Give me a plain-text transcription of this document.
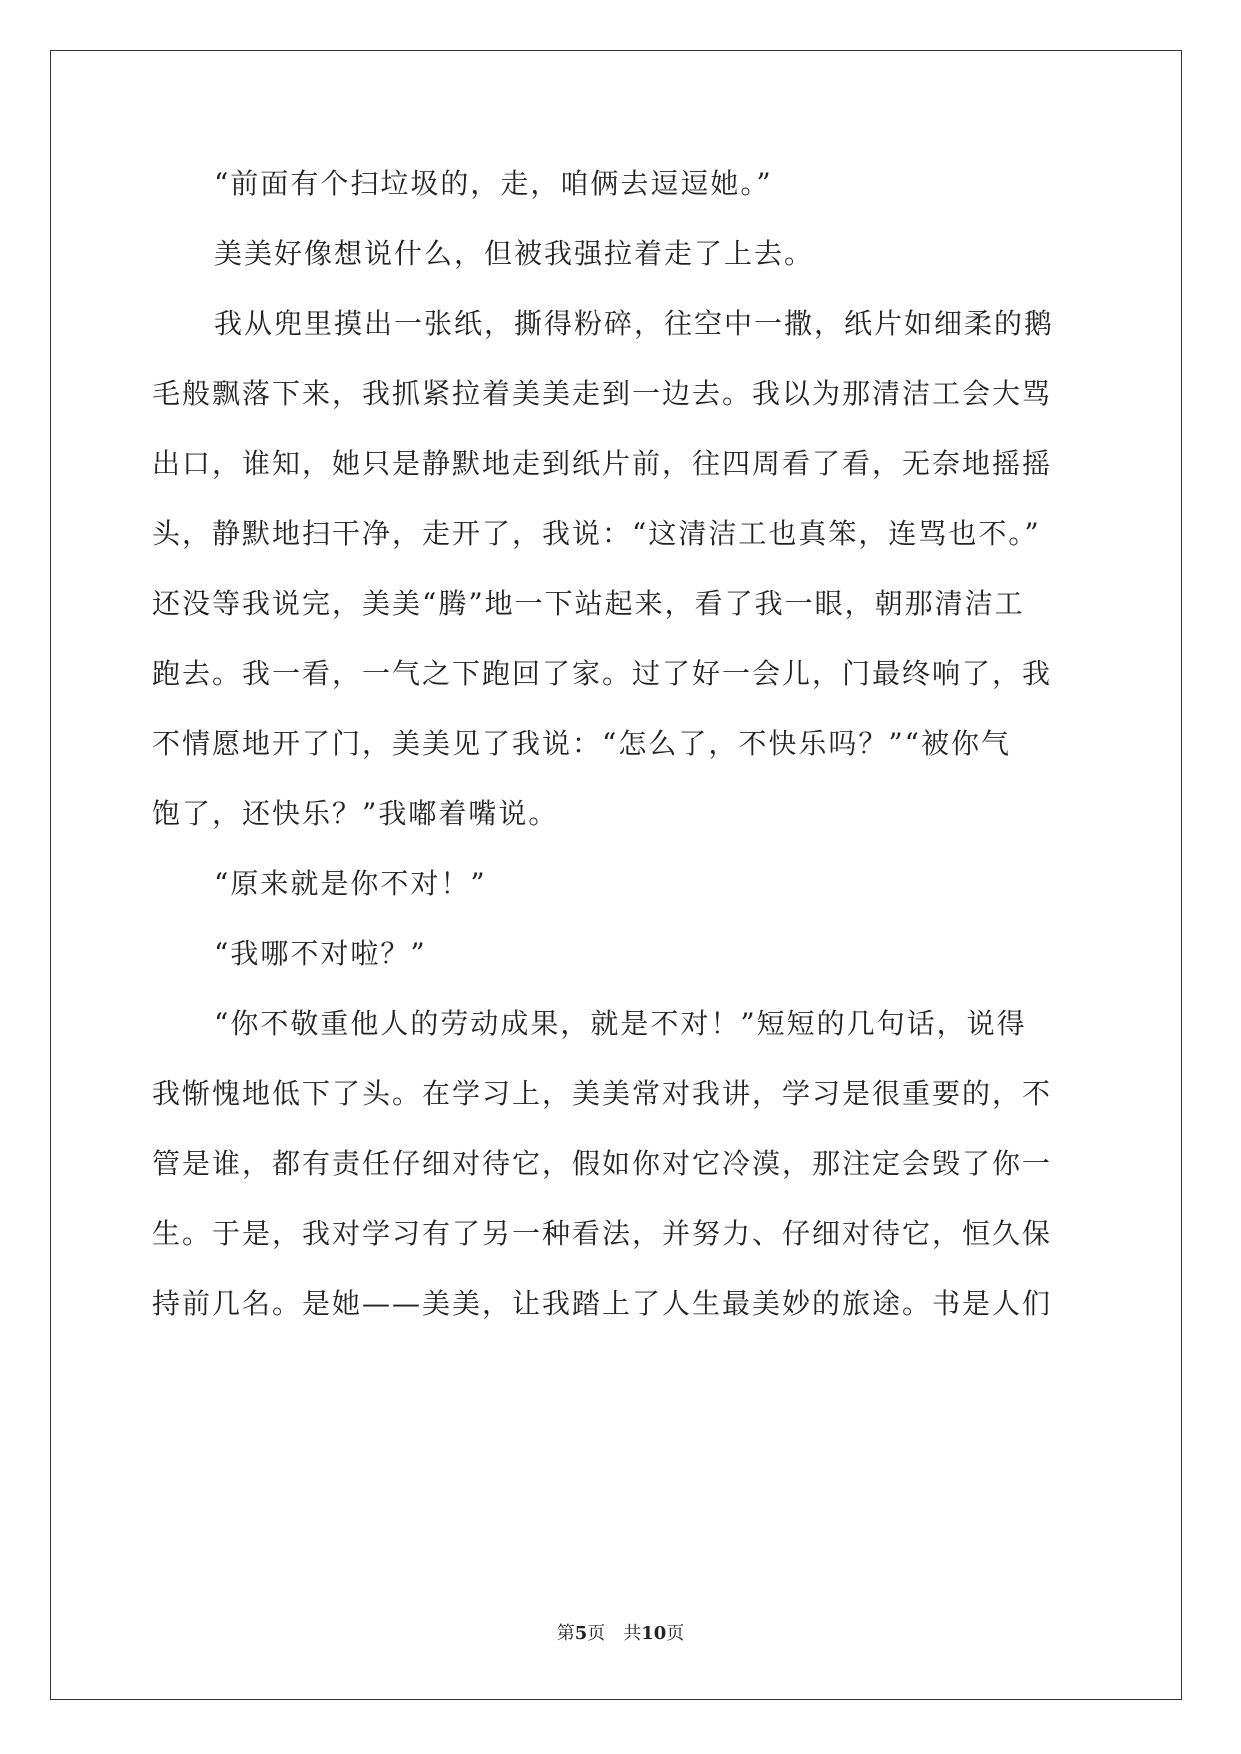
“前面有个扫垃圾的，走，咱俩去逗逗她。”
美美好像想说什么，但被我强拉着走了上去。
我从兜里摸出一张纸，撕得粉碎，往空中一撒，纸片如细柔的鹅
毛般飘落下来，我抓紧拉着美美走到一边去。我以为那清洁工会大骂
出口，谁知，她只是静默地走到纸片前，往四周看了看，无奈地摇摇
头，静默地扫干净，走开了，我说：“这清洁工也真笨，连骂也不。”
还没等我说完，美美“腾”地一下站起来，看了我一眼，朝那清洁工
跑去。我一看，一气之下跑回了家。过了好一会儿，门最终响了，我
不情愿地开了门，美美见了我说：“怎么了，不快乐吗？”“被你气
饱了，还快乐？”我嘟着嘴说。
“原来就是你不对！”
“我哪不对啦？”
“你不敬重他人的劳动成果，就是不对！”短短的几句话，说得
我惭愧地低下了头。在学习上，美美常对我讲，学习是很重要的，不
管是谁，都有责任仔细对待它，假如你对它冷漠，那注定会毁了你一
生。于是，我对学习有了另一种看法，并努力、仔细对待它，恒久保
持前几名。是她——美美，让我踏上了人生最美妙的旅途。书是人们
第5页　共10页
